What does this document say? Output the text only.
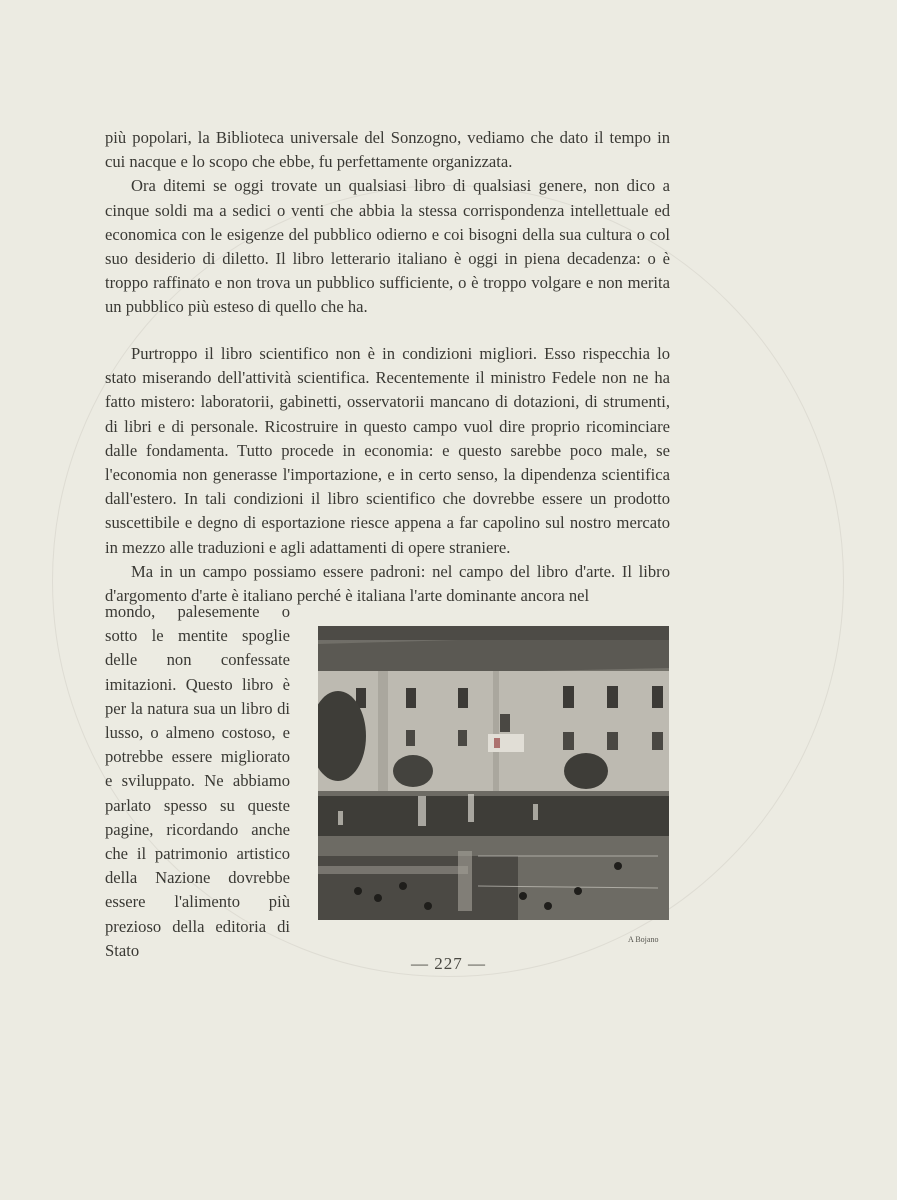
più popolari, la Biblioteca universale del Sonzogno, vediamo che dato il tempo in cui nacque e lo scopo che ebbe, fu perfettamente organizzata.

Ora ditemi se oggi trovate un qualsiasi libro di qualsiasi genere, non dico a cinque soldi ma a sedici o venti che abbia la stessa corrispondenza intellettuale ed economica con le esigenze del pubblico odierno e coi bisogni della sua cultura o col suo desiderio di diletto. Il libro letterario italiano è oggi in piena decadenza: o è troppo raffinato e non trova un pubblico sufficiente, o è troppo volgare e non merita un pubblico più esteso di quello che ha.

Purtroppo il libro scientifico non è in condizioni migliori. Esso rispecchia lo stato miserando dell'attività scientifica. Recentemente il ministro Fedele non ne ha fatto mistero: laboratorii, gabinetti, osservatorii mancano di dotazioni, di strumenti, di libri e di personale. Ricostruire in questo campo vuol dire proprio ricominciare dalle fondamenta. Tutto procede in economia: e questo sarebbe poco male, se l'economia non generasse l'importazione, e in certo senso, la dipendenza scientifica dall'estero. In tali condizioni il libro scientifico che dovrebbe essere un prodotto suscettibile e degno di esportazione riesce appena a far capolino sul nostro mercato in mezzo alle traduzioni e agli adattamenti di opere straniere.

Ma in un campo possiamo essere padroni: nel campo del libro d'arte. Il libro d'argomento d'arte è italiano perché è italiana l'arte dominante ancora nel

mondo, palesemente o sotto le mentite spoglie delle non confessate imitazioni. Questo libro è per la natura sua un libro di lusso, o almeno costoso, e potrebbe essere migliorato e sviluppato. Ne abbiamo parlato spesso su queste pagine, ricordando anche che il patrimonio artistico della Nazione dovrebbe essere l'alimento più prezioso della editoria di Stato
A Bojano
— 227 —
